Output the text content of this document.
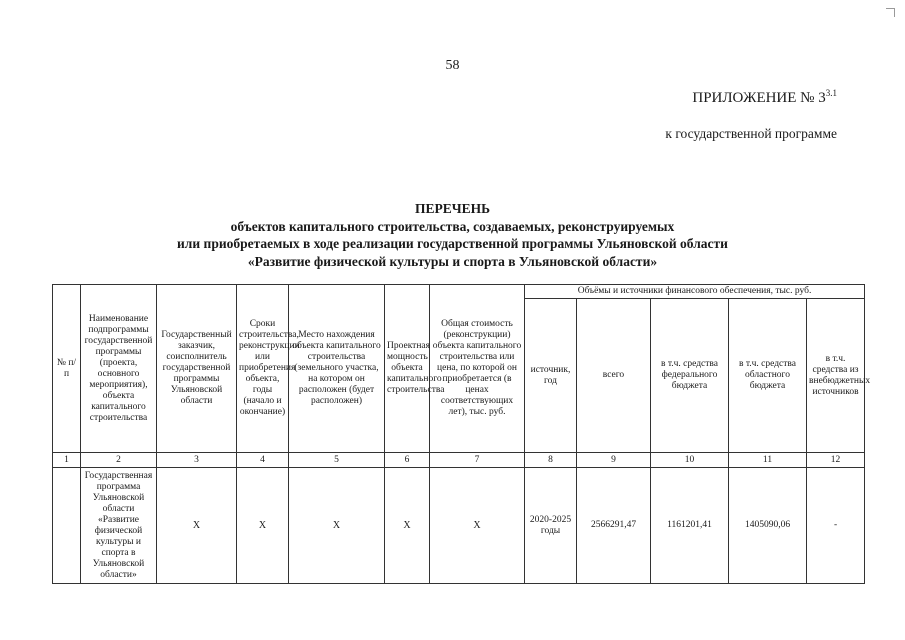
58
ПРИЛОЖЕНИЕ № $3^{3.1}$
к государственной программе
ПЕРЕЧЕНЬ
объектов капитального строительства, создаваемых, реконструируемых
или приобретаемых в ходе реализации государственной программы Ульяновской области
«Развитие физической культуры и спорта в Ульяновской области»
№ п/п	Наименование подпрограммы государственной программы (проекта, основного мероприятия), объекта капитального строительства	Государственный заказчик, соисполнитель государственной программы Ульяновской области	Сроки строительства, реконструкции или приобретения объекта, годы (начало и окончание)	Место нахождения объекта капитального строительства (земельного участка, на котором он расположен (будет расположен)	Проектная мощность объекта капитального строительства	Общая стоимость (реконструкции) объекта капитального строительства или цена, по которой он приобретается (в ценах соответствующих лет), тыс. руб.	Объёмы и источники финансового обеспечения, тыс. руб.				
							источник, год	всего	в т.ч. средства федерального бюджета	в т.ч. средства областного бюджета	в т.ч. средства из внебюджетных источников
1	2	3	4	5	6	7	8	9	10	11	12
	Государственная программа Ульяновской области «Развитие физической культуры и спорта в Ульяновской области»	Х	Х	Х	Х	Х	2020-2025 годы	2566291,47	1161201,41	1405090,06	-
